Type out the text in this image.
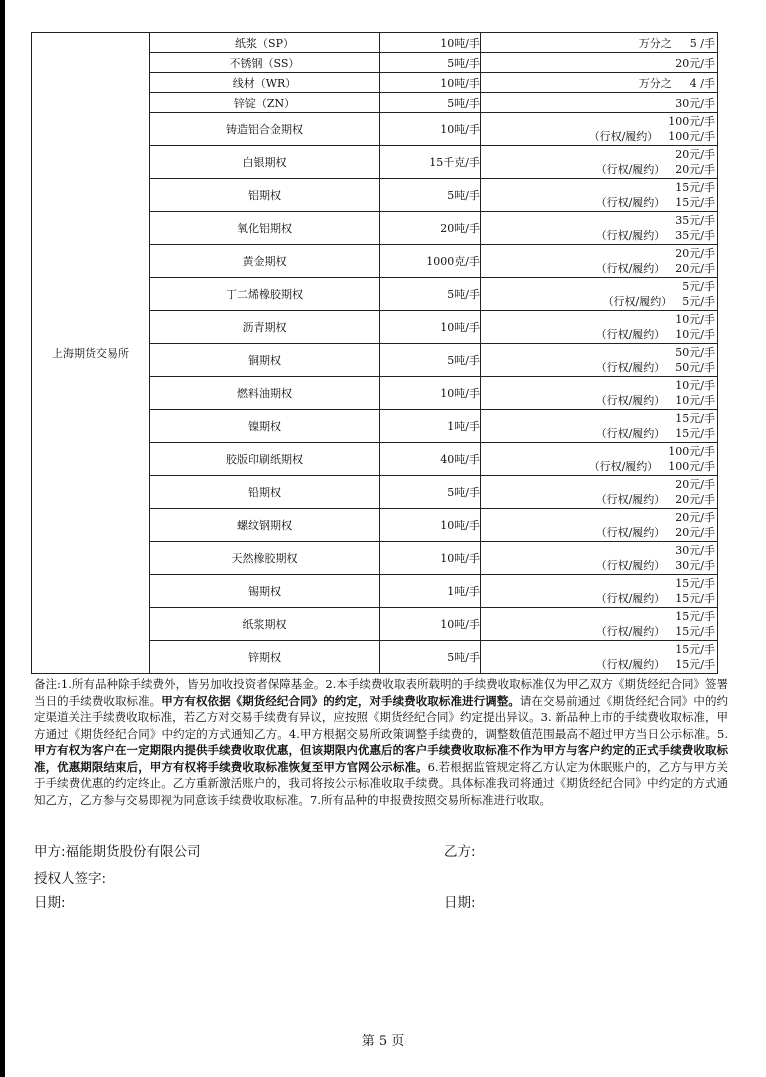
上海期货交易所	纸浆（SP）	10吨/手	万分之 5 /手

	不锈钢（SS）	5吨/手	20元/手

	线材（WR）	10吨/手	万分之 4 /手

	锌锭（ZN）	5吨/手	30元/手

	铸造铝合金期权	10吨/手	100元/手
（行权/履约） 100元/手

	白银期权	15千克/手	20元/手
（行权/履约） 20元/手

	铝期权	5吨/手	15元/手
（行权/履约） 15元/手

	氧化铝期权	20吨/手	35元/手
（行权/履约） 35元/手

	黄金期权	1000克/手	20元/手
（行权/履约） 20元/手

	丁二烯橡胶期权	5吨/手	5元/手
（行权/履约） 5元/手

	沥青期权	10吨/手	10元/手
（行权/履约） 10元/手

	铜期权	5吨/手	50元/手
（行权/履约） 50元/手

	燃料油期权	10吨/手	10元/手
（行权/履约） 10元/手

	镍期权	1吨/手	15元/手
（行权/履约） 15元/手

	胶版印刷纸期权	40吨/手	100元/手
（行权/履约） 100元/手

	铅期权	5吨/手	20元/手
（行权/履约） 20元/手

	螺纹钢期权	10吨/手	20元/手
（行权/履约） 20元/手

	天然橡胶期权	10吨/手	30元/手
（行权/履约） 30元/手

	锡期权	1吨/手	15元/手
（行权/履约） 15元/手

	纸浆期权	10吨/手	15元/手
（行权/履约） 15元/手

	锌期权	5吨/手	15元/手
（行权/履约） 15元/手

备注:1.所有品种除手续费外，皆另加收投资者保障基金。2.本手续费收取表所载明的手续费收取标准仅为甲乙双方《期货经纪合同》签署当日的手续费收取标准。甲方有权依据《期货经纪合同》的约定，对手续费收取标准进行调整。请在交易前通过《期货经纪合同》中的约定渠道关注手续费收取标准，若乙方对交易手续费有异议，应按照《期货经纪合同》约定提出异议。3. 新品种上市的手续费收取标准，甲方通过《期货经纪合同》中约定的方式通知乙方。4.甲方根据交易所政策调整手续费的，调整数值范围最高不超过甲方当日公示标准。5.甲方有权为客户在一定期限内提供手续费收取优惠，但该期限内优惠后的客户手续费收取标准不作为甲方与客户约定的正式手续费收取标准，优惠期限结束后，甲方有权将手续费收取标准恢复至甲方官网公示标准。6.若根据监管规定将乙方认定为休眠账户的，乙方与甲方关于手续费优惠的约定终止。乙方重新激活账户的，我司将按公示标准收取手续费。具体标准我司将通过《期货经纪合同》中约定的方式通知乙方，乙方参与交易即视为同意该手续费收取标准。7.所有品种的申报费按照交易所标准进行收取。

甲方:福能期货股份有限公司	乙方:
授权人签字:
日期:	日期:
第 5 页
